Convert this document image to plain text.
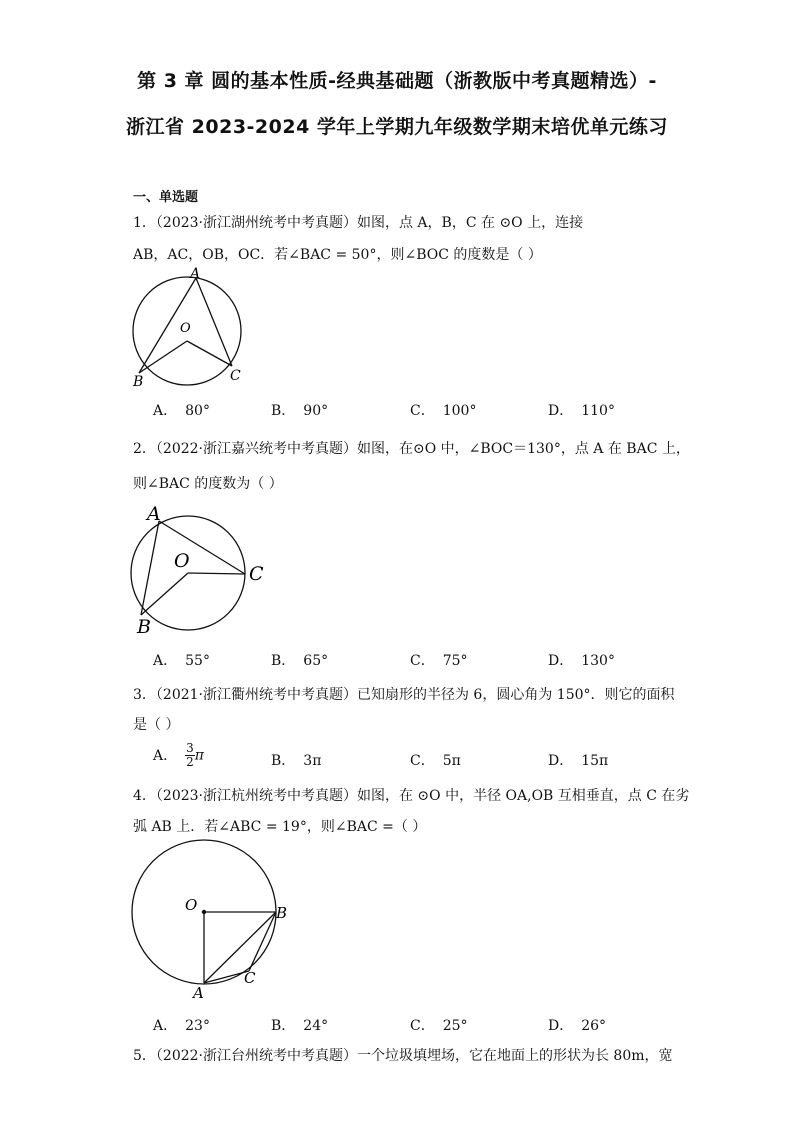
第 3 章 圆的基本性质-经典基础题（浙教版中考真题精选）-
浙江省 2023-2024 学年上学期九年级数学期末培优单元练习
一、单选题
1．（2023·浙江湖州统考中考真题）如图，点 A，B，C 在 ⊙O 上，连接
AB，AC，OB，OC．若∠BAC = 50°，则∠BOC 的度数是（ ）
A
O
B	C
A． 80°	B． 90°	C． 100°	D． 110°
2．（2022·浙江嘉兴统考中考真题）如图，在⊙O 中，∠BOC＝130°，点 A 在 BAC 上，
则∠BAC 的度数为（ ）
A
O
B
C
A． 55°	B． 65°	C． 75°	D． 130°
3．（2021·浙江衢州统考中考真题）已知扇形的半径为 6，圆心角为 150°．则它的面积
是（ ）
A． $\frac{3}{2}$ π	B． 3π	C． 5π	D． 15π
4．（2023·浙江杭州统考中考真题）如图，在 ⊙O 中，半径 OA,OB 互相垂直，点 C 在劣
弧 AB 上．若∠ABC = 19°，则∠BAC =（ ）
O	B
C
A
A． 23°	B． 24°	C． 25°	D． 26°
5．（2022·浙江台州统考中考真题）一个垃圾填埋场，它在地面上的形状为长 80m，宽
